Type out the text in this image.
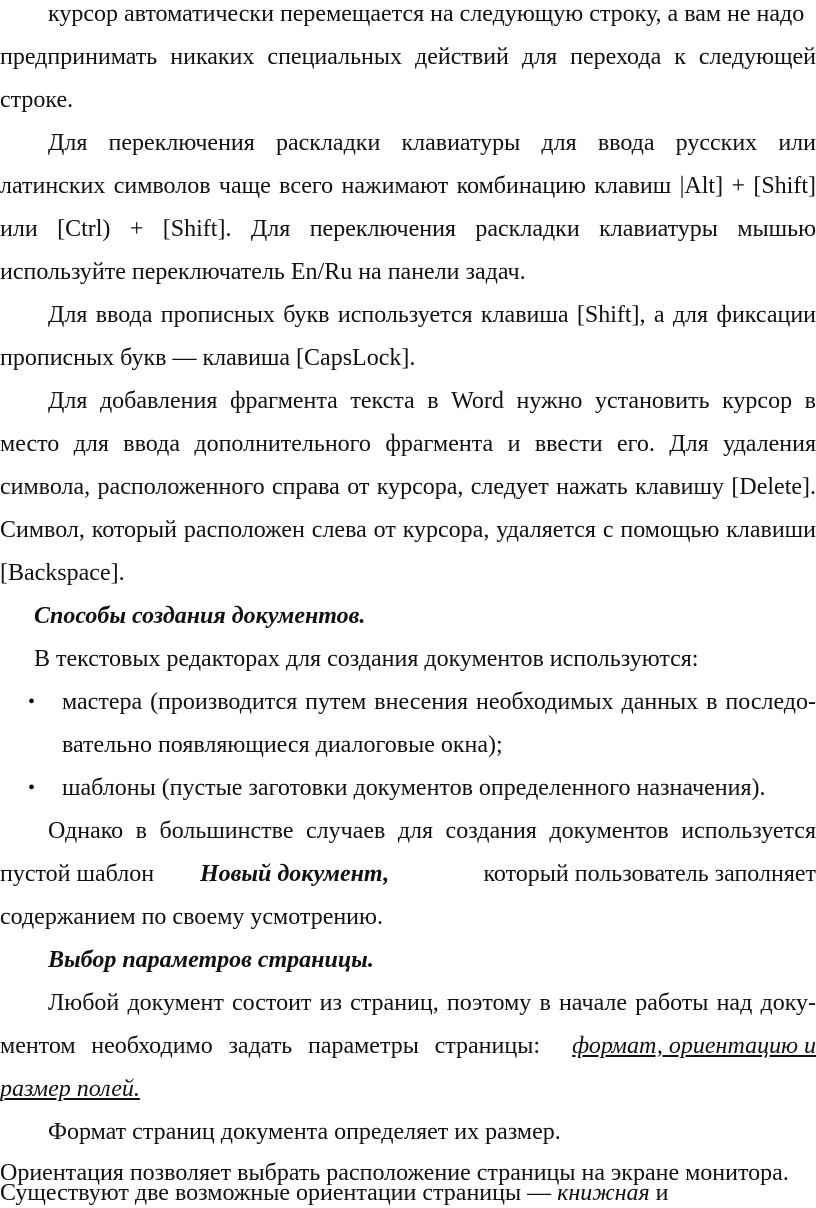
курсор автоматически перемещается на следующую строку, а вам не надо
предпринимать никаких специальных действий для перехода к следующей
строке.
Для переключения раскладки клавиатуры для ввода русских или
латинских символов чаще всего нажимают комбинацию клавиш |Alt] + [Shift]
или [Ctrl) + [Shift]. Для переключения раскладки клавиатуры мышью
используйте переключатель En/Ru на панели задач.
Для ввода прописных букв используется клавиша [Shift], а для фиксации
прописных букв — клавиша [CapsLock].
Для добавления фрагмента текста в Word нужно установить курсор в
место для ввода дополнительного фрагмента и ввести его. Для удаления
символа, расположенного справа от курсора, следует нажать клавишу [Delete].
Символ, который расположен слева от курсора, удаляется с помощью клавиши
[Backspace].
Способы создания документов.
В текстовых редакторах для создания документов используются:
• мастера (производится путем внесения необходимых данных в последо-
вательно появляющиеся диалоговые окна);
• шаблоны (пустые заготовки документов определенного назначения).
Однако в большинстве случаев для создания документов используется
пустой шаблон Новый документ,	который пользователь заполняет
содержанием по своему усмотрению.
Выбор параметров страницы.
Любой документ состоит из страниц, поэтому в начале работы над доку-
ментом необходимо задать параметры страницы: формат, ориентацию и
размер полей.
Формат страниц документа определяет их размер.
Ориентация позволяет выбрать расположение страницы на экране монитора.
Существуют две возможные ориентации страницы — книжная и
